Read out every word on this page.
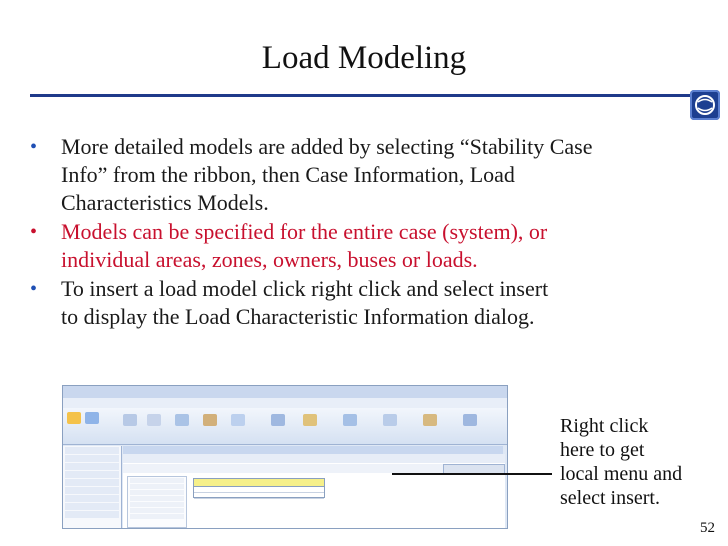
Load Modeling
• More detailed models are added by selecting “Stability Case
Info” from the ribbon, then Case Information, Load
Characteristics Models.
• Models can be specified for the entire case (system), or
individual areas, zones, owners, buses or loads.
• To insert a load model click right click and select insert
to display the Load Characteristic Information dialog.
Right click
here to get
local menu and
select insert.
52
